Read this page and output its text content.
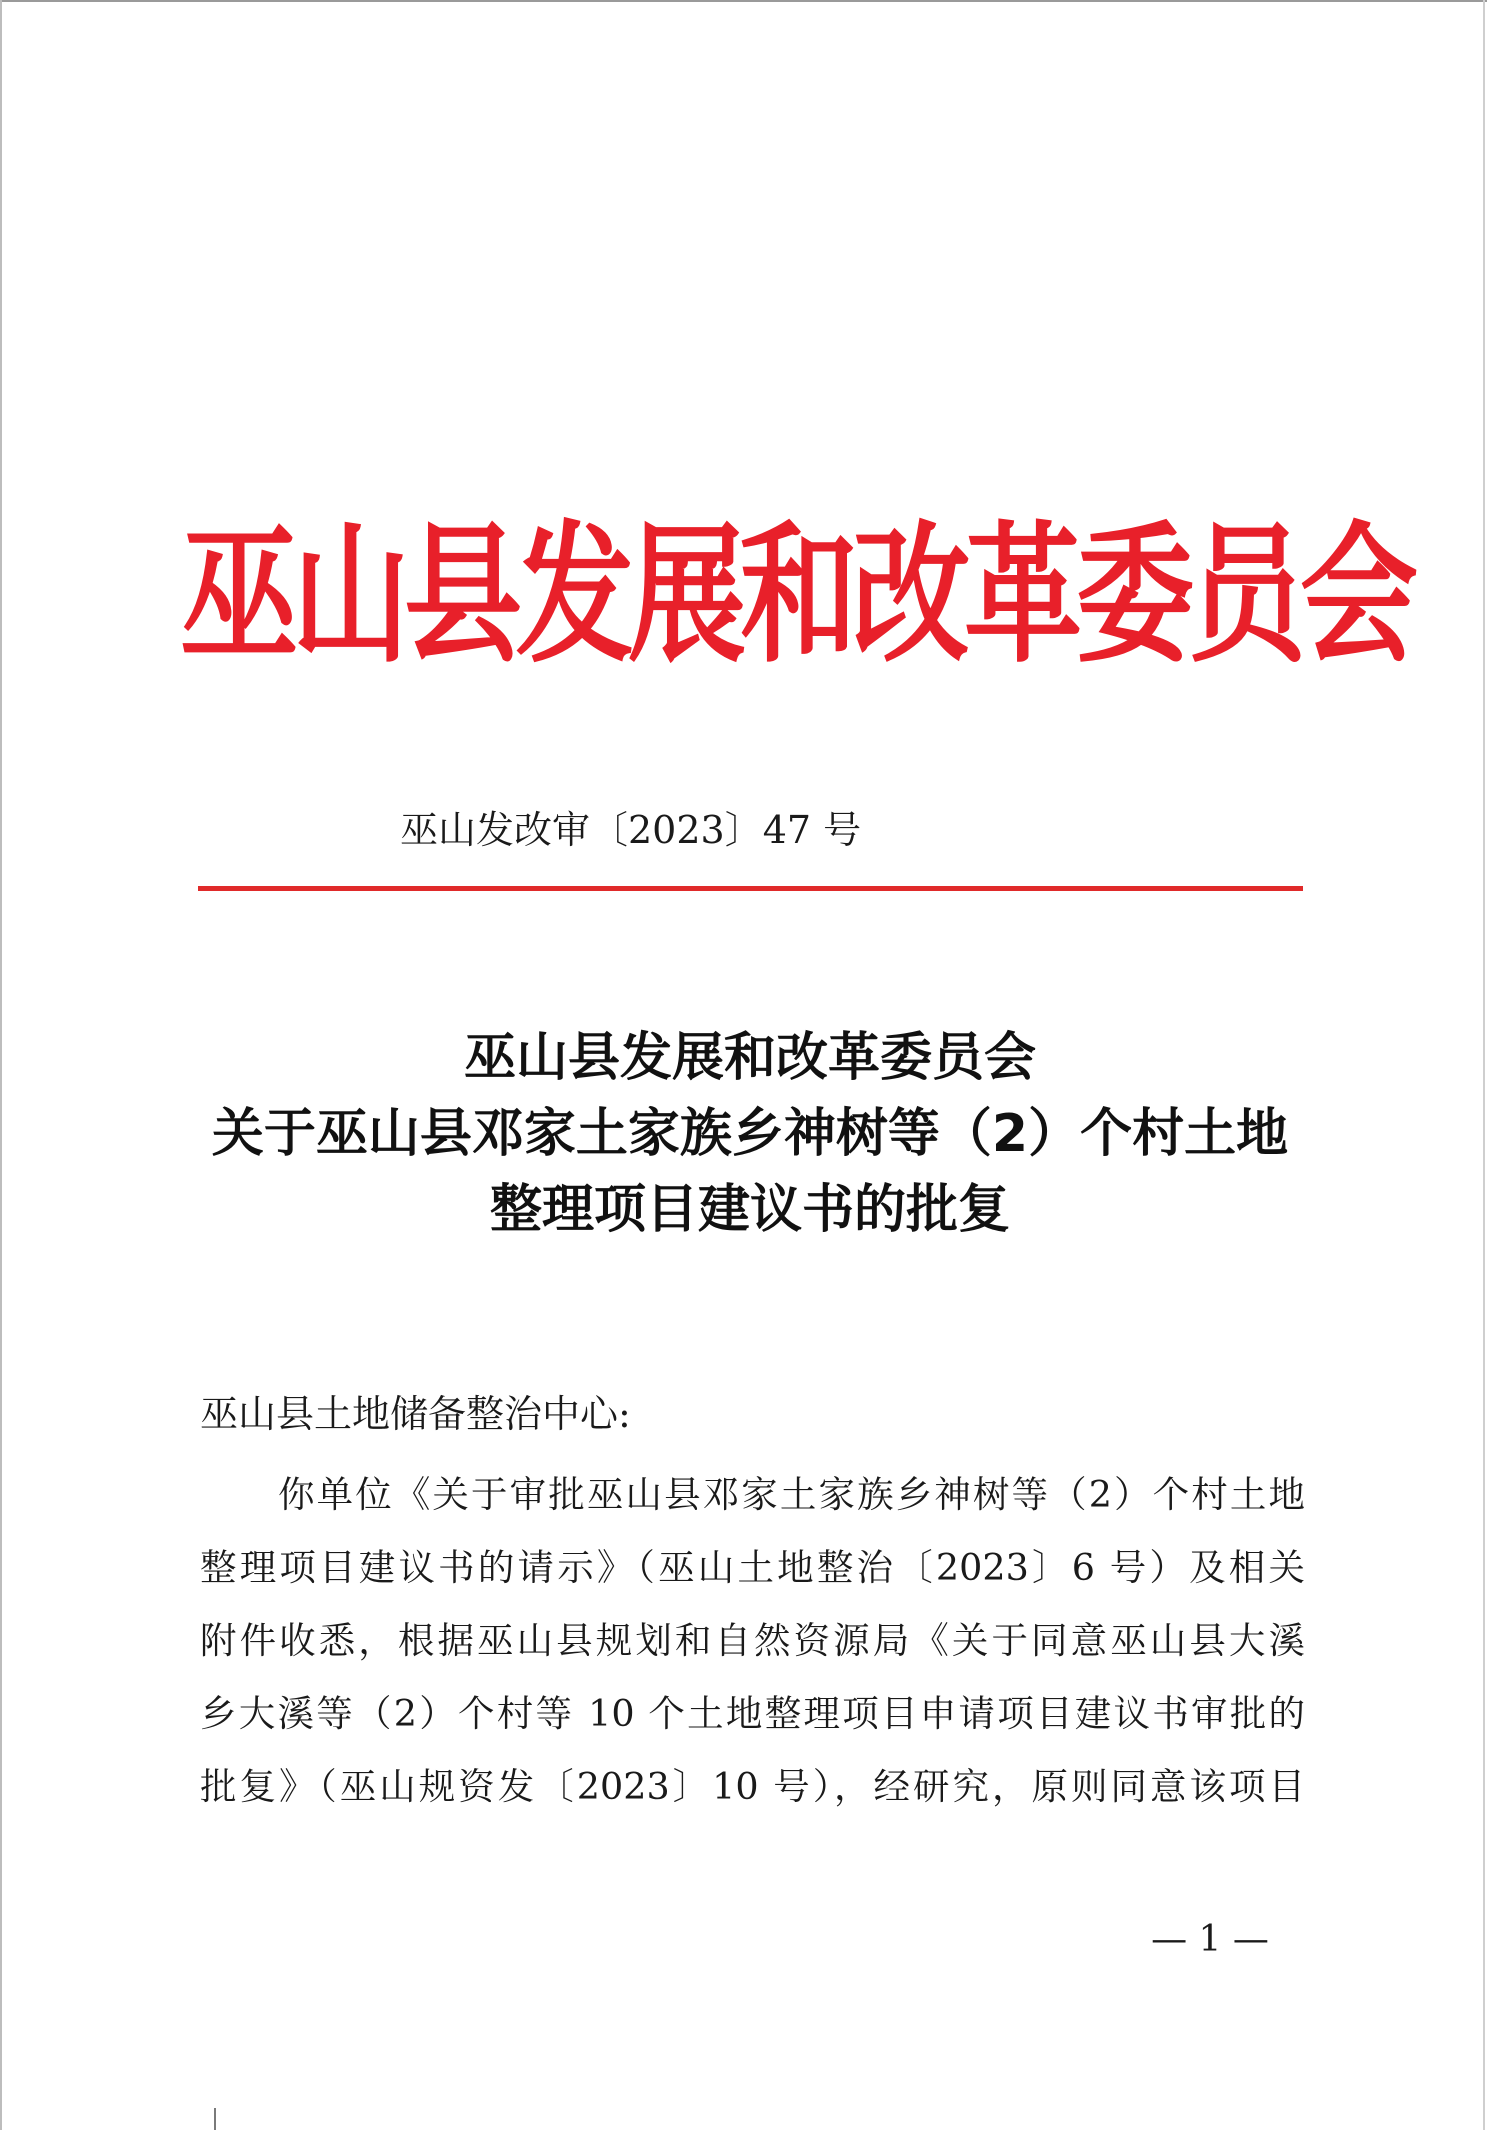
巫山县发展和改革委员会
巫山发改审〔2023〕47 号
巫山县发展和改革委员会
关于巫山县邓家土家族乡神树等（2）个村土地
整理项目建议书的批复
巫山县土地储备整治中心:
你单位《关于审批巫山县邓家土家族乡神树等（2）个村土地
整理项目建议书的请示》（巫山土地整治〔2023〕6 号）及相关
附件收悉，根据巫山县规划和自然资源局《关于同意巫山县大溪
乡大溪等（2）个村等 10 个土地整理项目申请项目建议书审批的
批复》（巫山规资发〔2023〕10 号），经研究，原则同意该项目
— 1 —
